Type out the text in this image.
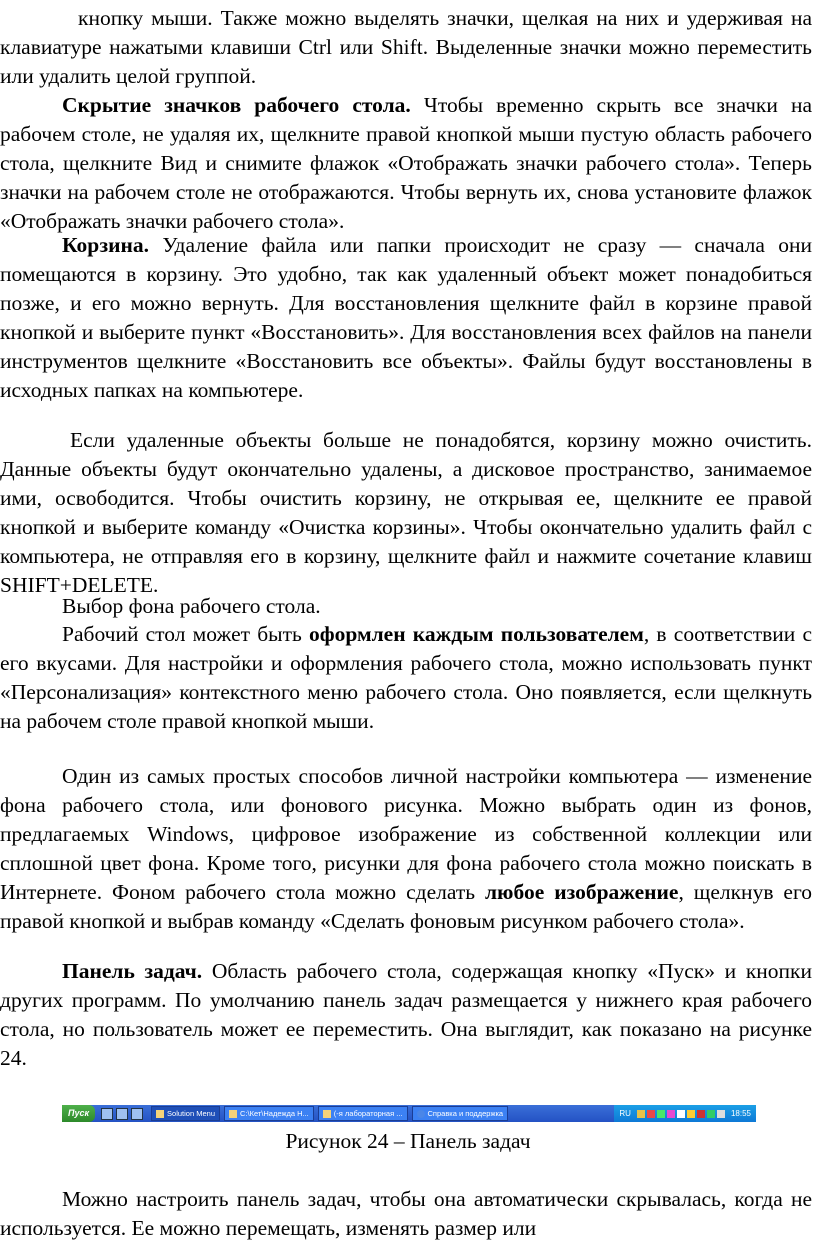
кнопку мыши. Также можно выделять значки, щелкая на них и удерживая на клавиатуре нажатыми клавиши Ctrl или Shift. Выделенные значки можно переместить или удалить целой группой.

Скрытие значков рабочего стола. Чтобы временно скрыть все значки на рабочем столе, не удаляя их, щелкните правой кнопкой мыши пустую область рабочего стола, щелкните Вид и снимите флажок «Отображать значки рабочего стола». Теперь значки на рабочем столе не отображаются. Чтобы вернуть их, снова установите флажок «Отображать значки рабочего стола».

Корзина. Удаление файла или папки происходит не сразу — сначала они помещаются в корзину. Это удобно, так как удаленный объект может понадобиться позже, и его можно вернуть. Для восстановления щелкните файл в корзине правой кнопкой и выберите пункт «Восстановить». Для восстановления всех файлов на панели инструментов щелкните «Восстановить все объекты». Файлы будут восстановлены в исходных папках на компьютере.

Если удаленные объекты больше не понадобятся, корзину можно очистить. Данные объекты будут окончательно удалены, а дисковое пространство, занимаемое ими, освободится. Чтобы очистить корзину, не открывая ее, щелкните ее правой кнопкой и выберите команду «Очистка корзины». Чтобы окончательно удалить файл с компьютера, не отправляя его в корзину, щелкните файл и нажмите сочетание клавиш SHIFT+DELETE.

Выбор фона рабочего стола.

Рабочий стол может быть оформлен каждым пользователем, в соответствии с его вкусами. Для настройки и оформления рабочего стола, можно использовать пункт «Персонализация» контекстного меню рабочего стола. Оно появляется, если щелкнуть на рабочем столе правой кнопкой мыши.

Один из самых простых способов личной настройки компьютера — изменение фона рабочего стола, или фонового рисунка. Можно выбрать один из фонов, предлагаемых Windows, цифровое изображение из собственной коллекции или сплошной цвет фона. Кроме того, рисунки для фона рабочего стола можно поискать в Интернете. Фоном рабочего стола можно сделать любое изображение, щелкнув его правой кнопкой и выбрав команду «Сделать фоновым рисунком рабочего стола».

Панель задач. Область рабочего стола, содержащая кнопку «Пуск» и кнопки других программ. По умолчанию панель задач размещается у нижнего края рабочего стола, но пользователь может ее переместить. Она выглядит, как показано на рисунке 24.

Пуск	Solution Menu	C:\Кет\Надежда Н...	(-я лабораторная ...	Справка и поддержка	RU	18:55
Рисунок 24 – Панель задач

Можно настроить панель задач, чтобы она автоматически скрывалась, когда не используется. Ее можно перемещать, изменять размер или
